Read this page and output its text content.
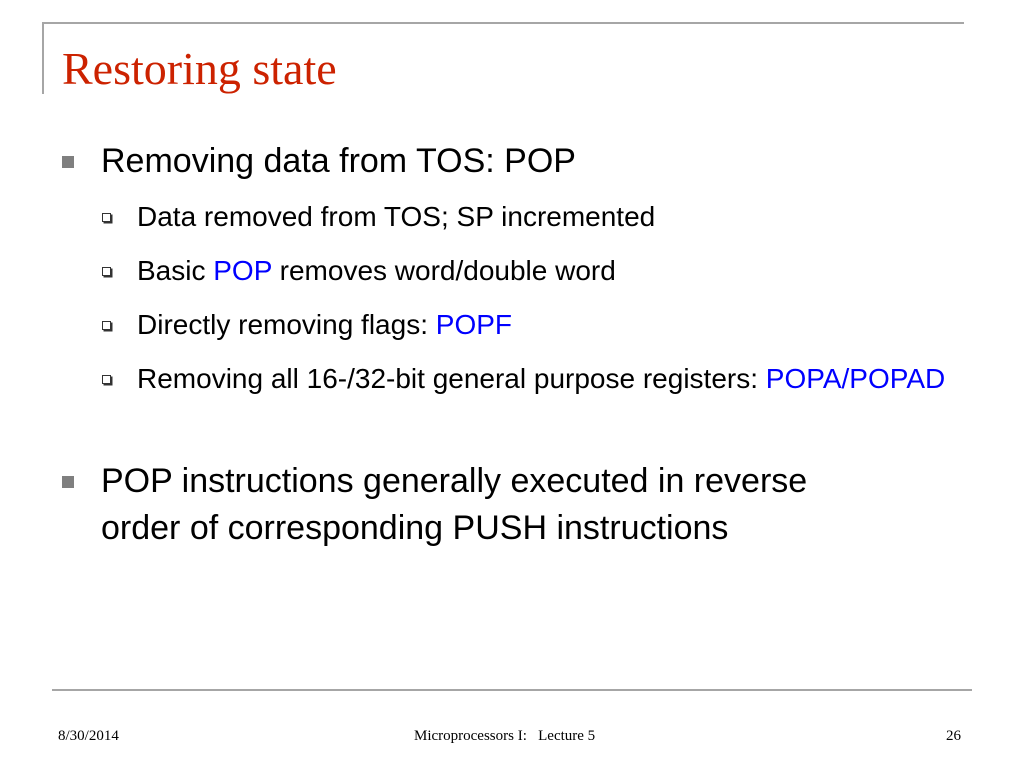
Restoring state
Removing data from TOS: POP
Data removed from TOS; SP incremented
Basic POP removes word/double word
Directly removing flags: POPF
Removing all 16-/32-bit general purpose registers: POPA/POPAD
POP instructions generally executed in reverse order of corresponding PUSH instructions
8/30/2014	Microprocessors I:   Lecture 5	26
